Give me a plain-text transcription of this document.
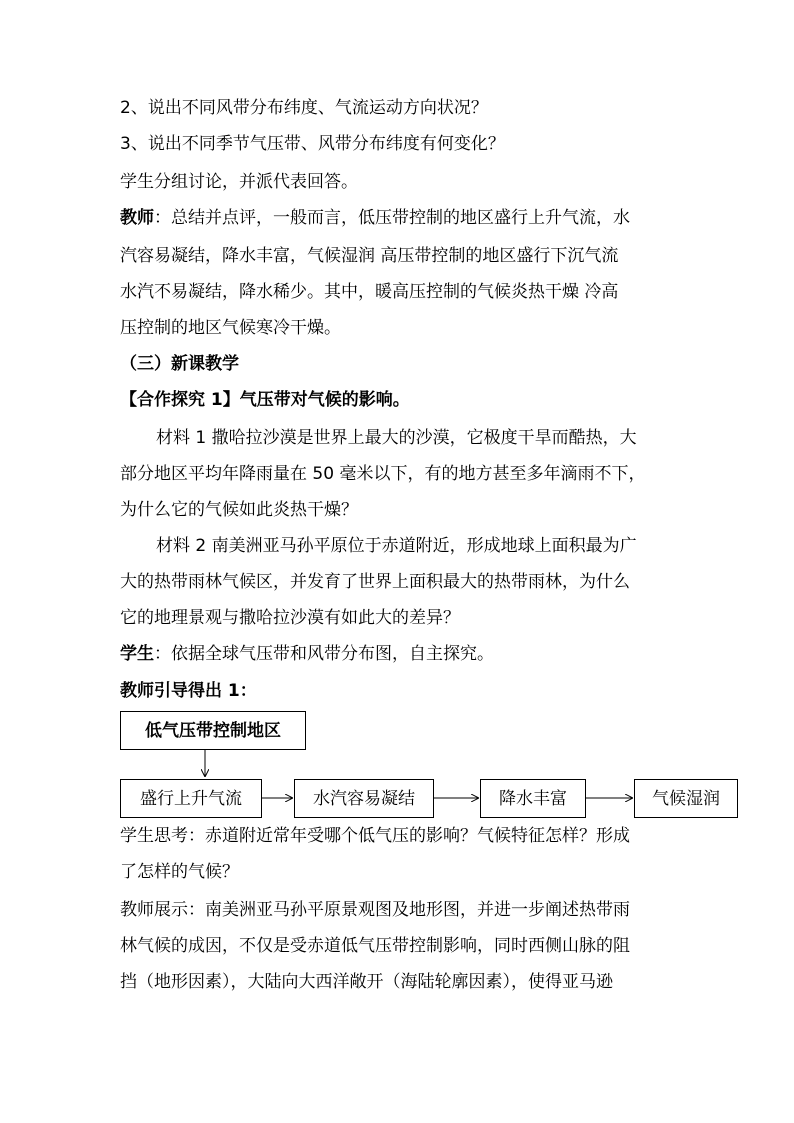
2、说出不同风带分布纬度、气流运动方向状况？
3、说出不同季节气压带、风带分布纬度有何变化？
学生分组讨论，并派代表回答。
教师：总结并点评，一般而言，低压带控制的地区盛行上升气流，水
汽容易凝结，降水丰富，气候湿润 高压带控制的地区盛行下沉气流
水汽不易凝结，降水稀少。其中，暖高压控制的气候炎热干燥 冷高
压控制的地区气候寒冷干燥。
（三）新课教学
【合作探究 1】气压带对气候的影响。
材料 1 撒哈拉沙漠是世界上最大的沙漠，它极度干旱而酷热，大
部分地区平均年降雨量在 50 毫米以下，有的地方甚至多年滴雨不下，
为什么它的气候如此炎热干燥？
材料 2 南美洲亚马孙平原位于赤道附近，形成地球上面积最为广
大的热带雨林气候区，并发育了世界上面积最大的热带雨林，为什么
它的地理景观与撒哈拉沙漠有如此大的差异？
学生：依据全球气压带和风带分布图，自主探究。
教师引导得出 1：
低气压带控制地区
盛行上升气流	水汽容易凝结	降水丰富	气候湿润
学生思考：赤道附近常年受哪个低气压的影响？气候特征怎样？形成
了怎样的气候？
教师展示：南美洲亚马孙平原景观图及地形图，并进一步阐述热带雨
林气候的成因，不仅是受赤道低气压带控制影响，同时西侧山脉的阻
挡（地形因素），大陆向大西洋敞开（海陆轮廓因素），使得亚马逊
